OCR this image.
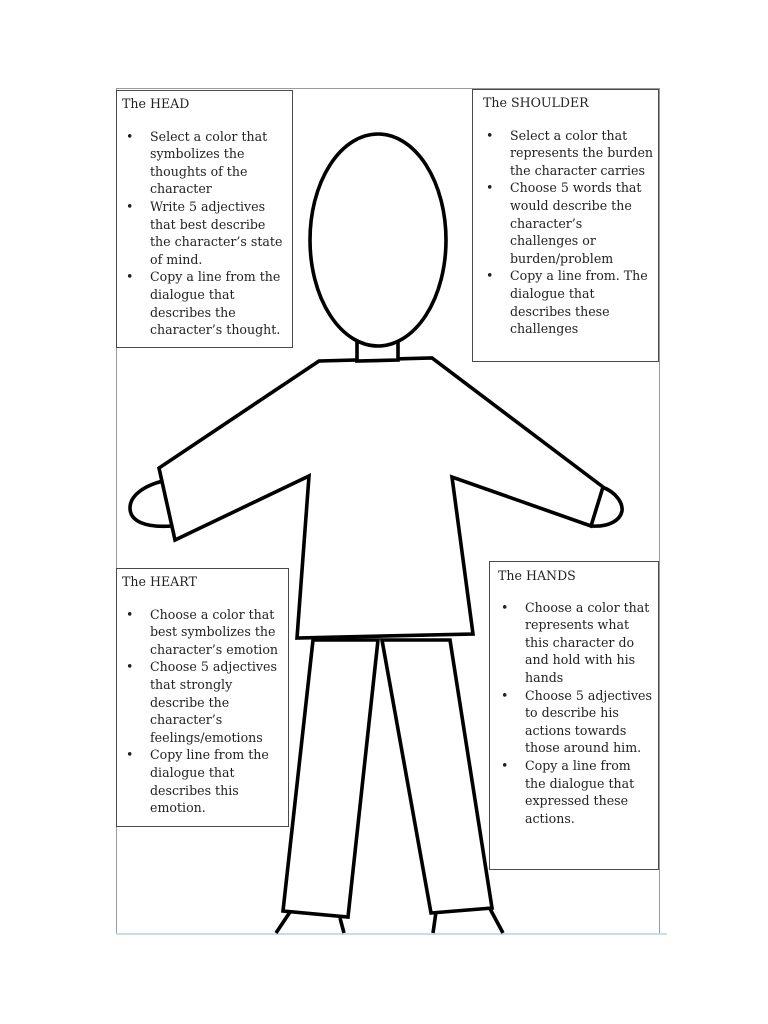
The HEAD
• Select a color that symbolizes the thoughts of the character
• Write 5 adjectives that best describe the character’s state of mind.
• Copy a line from the dialogue that describes the character’s thought.
The SHOULDER
• Select a color that represents the burden the character carries
• Choose 5 words that would describe the character’s challenges or burden/problem
• Copy a line from. The dialogue that describes these challenges
The HEART
• Choose a color that best symbolizes the character’s emotion
• Choose 5 adjectives that strongly describe the character’s feelings/emotions
• Copy line from the dialogue that describes this emotion.
The HANDS
• Choose a color that represents what this character do and hold with his hands
• Choose 5 adjectives to describe his actions towards those around him.
• Copy a line from the dialogue that expressed these actions.
